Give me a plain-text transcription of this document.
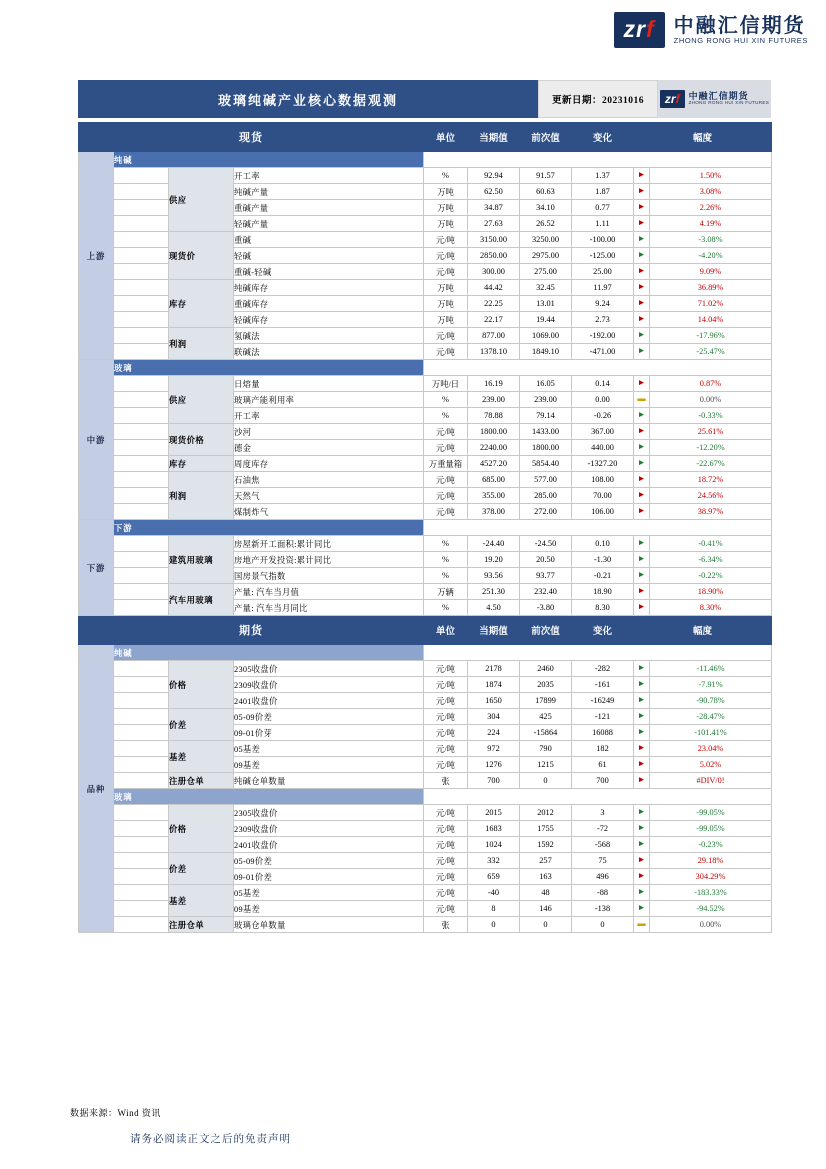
zr f 中融汇信期货
ZHONG RONG HUI XIN FUTURES
玻璃纯碱产业核心数据观测	更新日期：20231016	zrf	中融汇信期货
ZHONG RONG HUI XIN FUTURES
现货				单位	当期值	前次值	变化	幅度	
上游	纯碱								
		供应	开工率	%	92.94	91.57	1.37	►	1.50%
			纯碱产量	万吨	62.50	60.63	1.87	►	3.08%
			重碱产量	万吨	34.87	34.10	0.77	►	2.26%
			轻碱产量	万吨	27.63	26.52	1.11	►	4.19%
		现货价	重碱	元/吨	3150.00	3250.00	-100.00	►	-3.08%
			轻碱	元/吨	2850.00	2975.00	-125.00	►	-4.20%
			重碱-轻碱	元/吨	300.00	275.00	25.00	►	9.09%
		库存	纯碱库存	万吨	44.42	32.45	11.97	►	36.89%
			重碱库存	万吨	22.25	13.01	9.24	►	71.02%
			轻碱库存	万吨	22.17	19.44	2.73	►	14.04%
		利润	氢碱法	元/吨	877.00	1069.00	-192.00	►	-17.96%
			联碱法	元/吨	1378.10	1849.10	-471.00	►	-25.47%
中游	玻璃								
		供应	日熔量	万吨/日	16.19	16.05	0.14	►	0.87%
			玻璃产能利用率	%	239.00	239.00	0.00	▬	0.00%
			开工率	%	78.88	79.14	-0.26	►	-0.33%
		现货价格	沙河	元/吨	1800.00	1433.00	367.00	►	25.61%
			德金	元/吨	2240.00	1800.00	440.00	►	-12.20%
		库存	周度库存	万重量箱	4527.20	5854.40	-1327.20	►	-22.67%
		利润	石油焦	元/吨	685.00	577.00	108.00	►	18.72%
			天然气	元/吨	355.00	285.00	70.00	►	24.56%
			煤制炸气	元/吨	378.00	272.00	106.00	►	38.97%
下游	下游								
		建筑用玻璃	房屋新开工面积:累计同比	%	-24.40	-24.50	0.10	►	-0.41%
			房地产开发投资:累计同比	%	19.20	20.50	-1.30	►	-6.34%
			国房景气指数	%	93.56	93.77	-0.21	►	-0.22%
		汽车用玻璃	产量: 汽车当月值	万辆	251.30	232.40	18.90	►	18.90%
			产量: 汽车当月同比	%	4.50	-3.80	8.30	►	8.30%
期货				单位	当期值	前次值	变化	幅度	
品种	纯碱								
		价格	2305收盘价	元/吨	2178	2460	-282	►	-11.46%
			2309收盘价	元/吨	1874	2035	-161	►	-7.91%
			2401收盘价	元/吨	1650	17899	-16249	►	-90.78%
		价差	05-09价差	元/吨	304	425	-121	►	-28.47%
			09-01价芽	元/吨	224	-15864	16088	►	-101.41%
		基差	05基差	元/吨	972	790	182	►	23.04%
			09基差	元/吨	1276	1215	61	►	5.02%
		注册仓单	纯碱仓单数量	张	700	0	700	►	#DIV/0!
	玻璃								
		价格	2305收盘价	元/吨	2015	2012	3	►	-99.05%
			2309收盘价	元/吨	1683	1755	-72	►	-99.05%
			2401收盘价	元/吨	1024	1592	-568	►	-0.23%
		价差	05-09价差	元/吨	332	257	75	►	29.18%
			09-01价差	元/吨	659	163	496	►	304.29%
		基差	05基差	元/吨	-40	48	-88	►	-183.33%
			09基差	元/吨	8	146	-138	►	-94.52%
		注册仓单	玻璃仓单数量	张	0	0	0	▬	0.00%
数据来源：Wind 资讯
请务必阅读正文之后的免责声明
